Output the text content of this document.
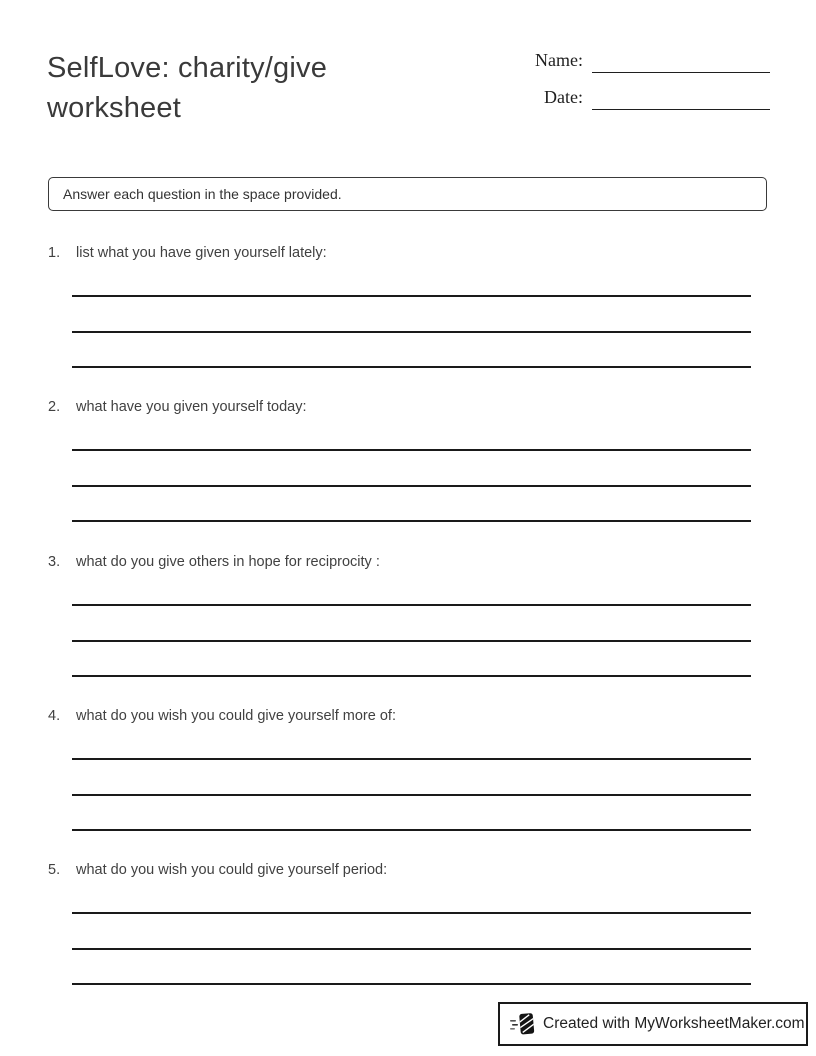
SelfLove: charity/give worksheet
Name:
Date:
Answer each question in the space provided.
1.	list what you have given yourself lately:
2.	what have you given yourself today:
3.	what do you give others in hope for reciprocity :
4.	what do you wish you could give yourself more of:
5.	what do you wish you could give yourself period:
Created with MyWorksheetMaker.com
